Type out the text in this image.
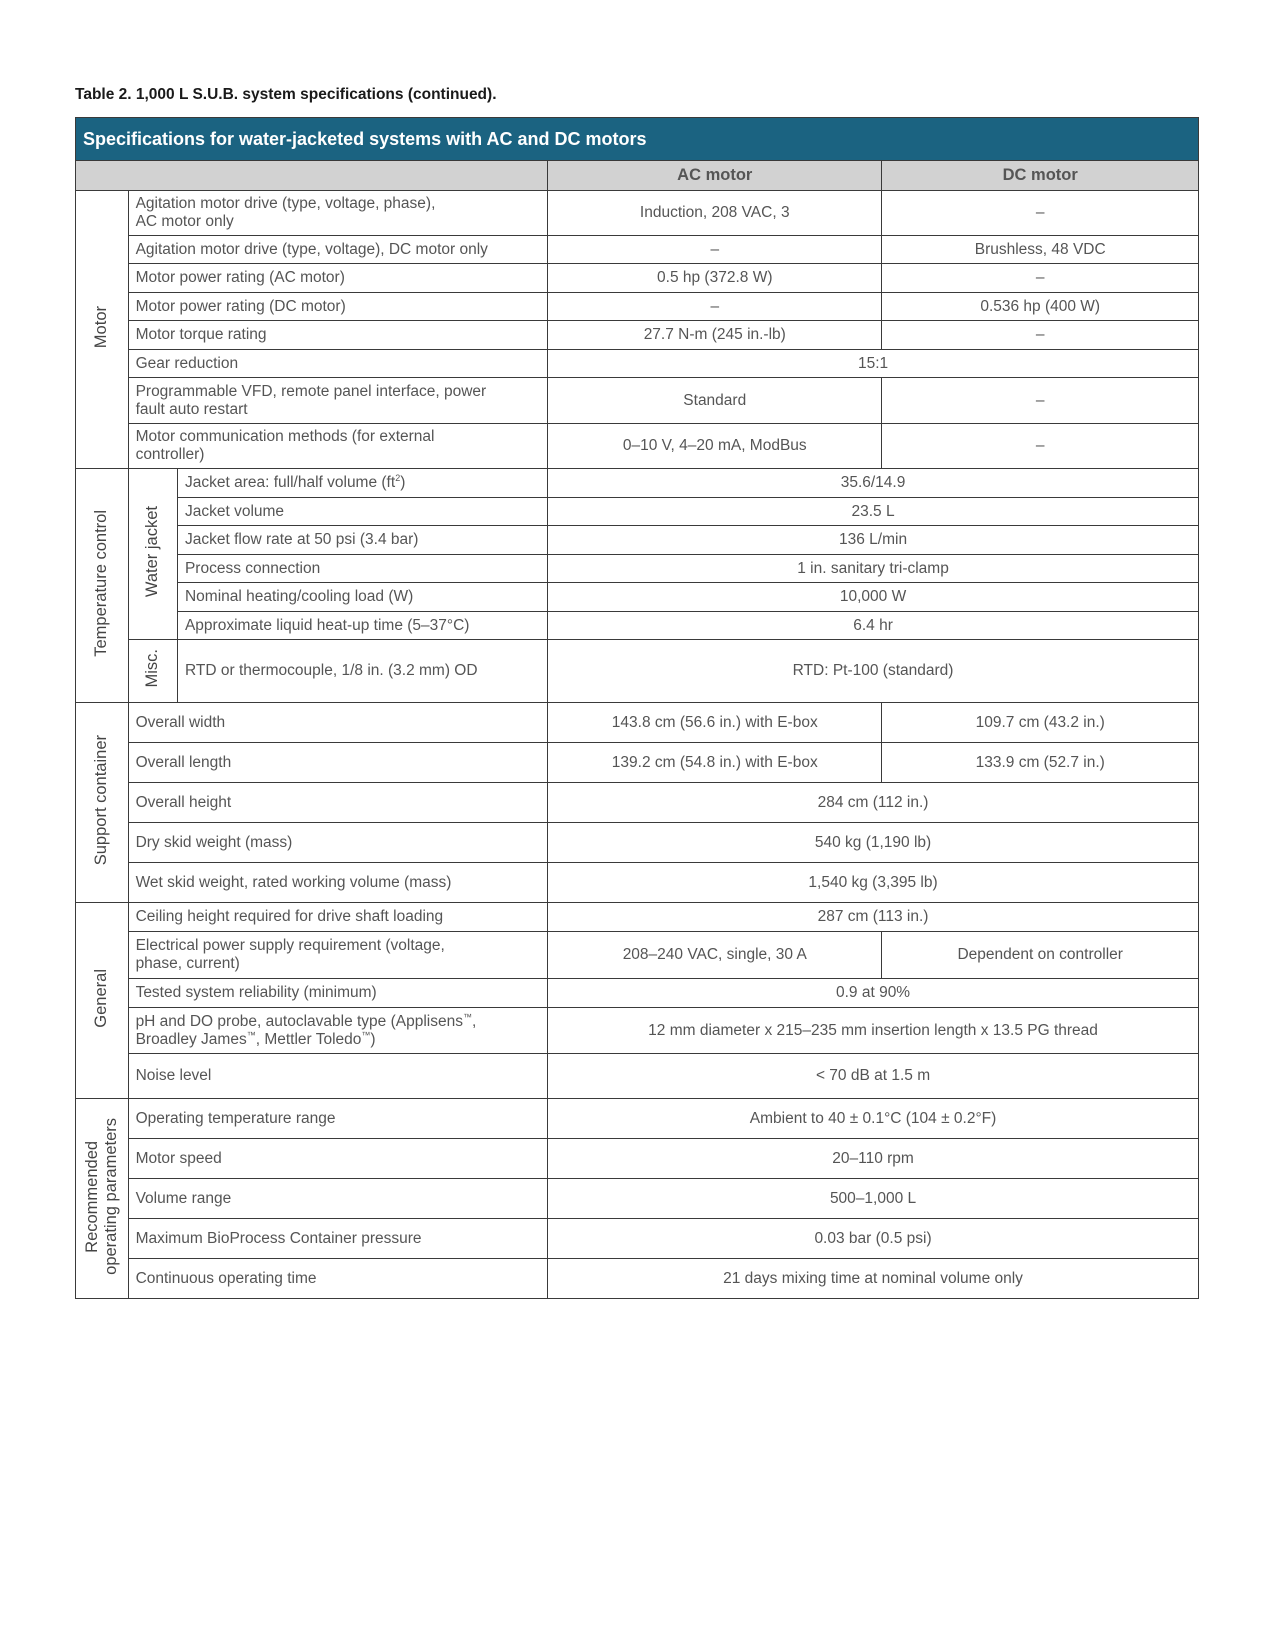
Table 2. 1,000 L S.U.B. system specifications (continued).
Specifications for water-jacketed systems with AC and DC motors				
			AC motor	DC motor
Motor	Agitation motor drive (type, voltage, phase),
AC motor only		Induction, 208 VAC, 3	–
	Agitation motor drive (type, voltage), DC motor only		–	Brushless, 48 VDC
	Motor power rating (AC motor)		0.5 hp (372.8 W)	–
	Motor power rating (DC motor)		–	0.536 hp (400 W)
	Motor torque rating		27.7 N-m (245 in.-lb)	–
	Gear reduction		15:1	
	Programmable VFD, remote panel interface, power
fault auto restart		Standard	–
	Motor communication methods (for external
controller)		0–10 V, 4–20 mA, ModBus	–
Temperature control	Water jacket	Jacket area: full/half volume $(ft^2)$	35.6/14.9	
		Jacket volume	23.5 L	
		Jacket flow rate at 50 psi (3.4 bar)	136 L/min	
		Process connection	1 in. sanitary tri-clamp	
		Nominal heating/cooling load (W)	10,000 W	
		Approximate liquid heat-up time (5–37°C)	6.4 hr	
	Misc.	RTD or thermocouple, 1/8 in. (3.2 mm) OD	RTD: Pt-100 (standard)	
Support container	Overall width		143.8 cm (56.6 in.) with E-box	109.7 cm (43.2 in.)
	Overall length		139.2 cm (54.8 in.) with E-box	133.9 cm (52.7 in.)
	Overall height		284 cm (112 in.)	
	Dry skid weight (mass)		540 kg (1,190 lb)	
	Wet skid weight, rated working volume (mass)		1,540 kg (3,395 lb)	
General	Ceiling height required for drive shaft loading		287 cm (113 in.)	
	Electrical power supply requirement (voltage,
phase, current)		208–240 VAC, single, 30 A	Dependent on controller
	Tested system reliability (minimum)		0.9 at 90%	
	pH and DO probe, autoclavable type (Applisens™,
Broadley James™, Mettler Toledo™)		12 mm diameter x 215–235 mm insertion length x 13.5 PG thread	
	Noise level		< 70 dB at 1.5 m	
Recommended
operating parameters	Operating temperature range		Ambient to 40 ± 0.1°C (104 ± 0.2°F)	
	Motor speed		20–110 rpm	
	Volume range		500–1,000 L	
	Maximum BioProcess Container pressure		0.03 bar (0.5 psi)	
	Continuous operating time		21 days mixing time at nominal volume only	
